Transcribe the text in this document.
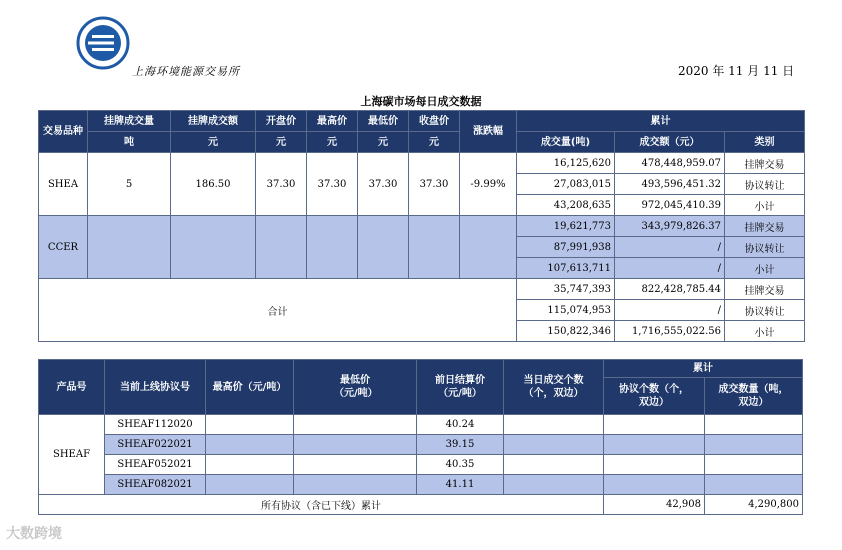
上海环境能源交易所	2020 年 11 月 11 日
上海碳市场每日成交数据
交易品种	挂牌成交量	挂牌成交额	开盘价	最高价	最低价	收盘价	涨跌幅	累计		
	吨	元	元	元	元	元		成交量(吨)	成交额（元）	类别
SHEA	5	186.50	37.30	37.30	37.30	37.30	-9.99%	16,125,620	478,448,959.07	挂牌交易
								27,083,015	493,596,451.32	协议转让
								43,208,635	972,045,410.39	小计
CCER								19,621,773	343,979,826.37	挂牌交易
								87,991,938	/	协议转让
								107,613,711	/	小计
合计								35,747,393	822,428,785.44	挂牌交易
								115,074,953	/	协议转让
								150,822,346	1,716,555,022.56	小计
产品号	当前上线协议号	最高价（元/吨）	最低价（元/吨）	前日结算价（元/吨）	当日成交个数（个，双边）	累计	
						协议个数（个，双边）	成交数量（吨，双边）
SHEAF	SHEAF112020			40.24			
	SHEAF022021			39.15			
	SHEAF052021			40.35			
	SHEAF082021			41.11			
所有协议（含已下线）累计						42,908	4,290,800
大数跨境
